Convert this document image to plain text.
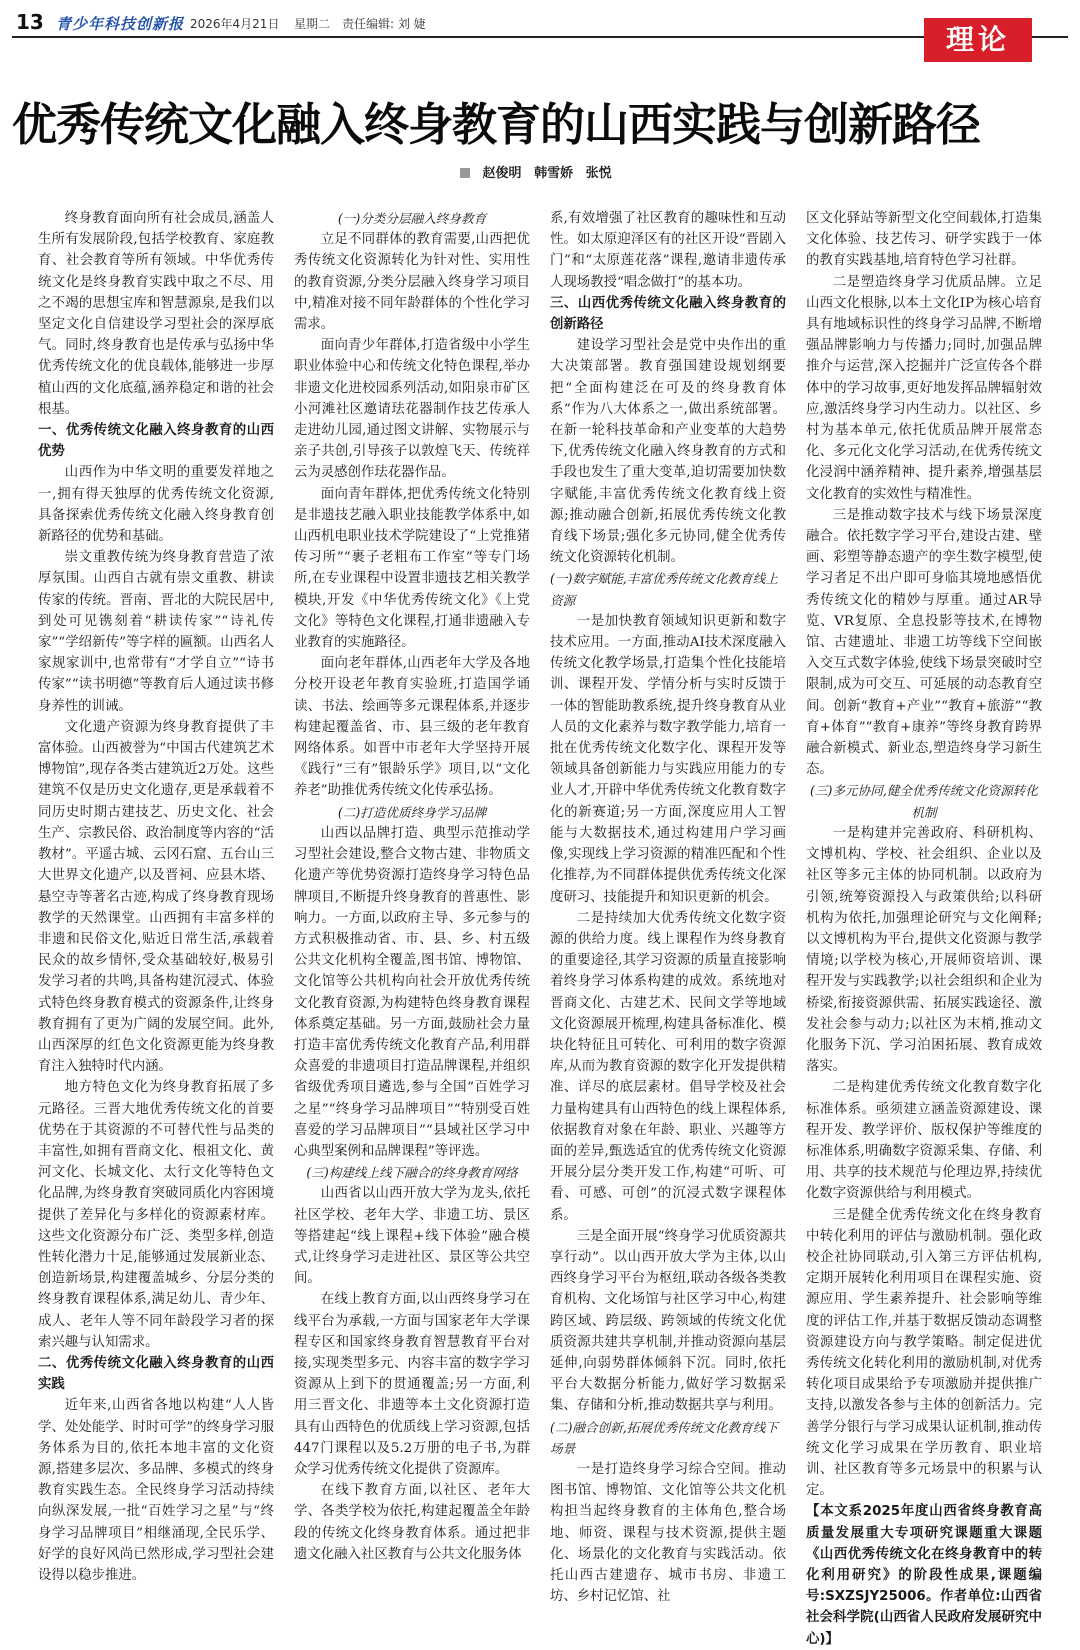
13 青少年科技创新报 2026年4月21日 星期二 责任编辑: 刘 婕	理论
优秀传统文化融入终身教育的山西实践与创新路径
赵俊明 韩雪娇 张悦

终身教育面向所有社会成员,涵盖人生所有发展阶段,包括学校教育、家庭教育、社会教育等所有领域。中华优秀传统文化是终身教育实践中取之不尽、用之不竭的思想宝库和智慧源泉,是我们以坚定文化自信建设学习型社会的深厚底气。同时,终身教育也是传承与弘扬中华优秀传统文化的优良载体,能够进一步厚植山西的文化底蕴,涵养稳定和谐的社会根基。

一、优秀传统文化融入终身教育的山西优势

山西作为中华文明的重要发祥地之一,拥有得天独厚的优秀传统文化资源,具备探索优秀传统文化融入终身教育创新路径的优势和基础。

崇文重教传统为终身教育营造了浓厚氛围。山西自古就有崇文重教、耕读传家的传统。晋南、晋北的大院民居中,到处可见镌刻着“耕读传家”“诗礼传家”“学绍新传”等字样的匾额。山西名人家规家训中,也常带有“才学自立”“诗书传家”“读书明德”等教育后人通过读书修身养性的训诫。

文化遗产资源为终身教育提供了丰富体验。山西被誉为“中国古代建筑艺术博物馆”,现存各类古建筑近2万处。这些建筑不仅是历史文化遗存,更是承载着不同历史时期古建技艺、历史文化、社会生产、宗教民俗、政治制度等内容的“活教材”。平遥古城、云冈石窟、五台山三大世界文化遗产,以及晋祠、应县木塔、悬空寺等著名古迹,构成了终身教育现场教学的天然课堂。山西拥有丰富多样的非遗和民俗文化,贴近日常生活,承载着民众的故乡情怀,受众基础较好,极易引发学习者的共鸣,具备构建沉浸式、体验式特色终身教育模式的资源条件,让终身教育拥有了更为广阔的发展空间。此外,山西深厚的红色文化资源更能为终身教育注入独特时代内涵。

地方特色文化为终身教育拓展了多元路径。三晋大地优秀传统文化的首要优势在于其资源的不可替代性与品类的丰富性,如拥有晋商文化、根祖文化、黄河文化、长城文化、太行文化等特色文化品牌,为终身教育突破同质化内容困境提供了差异化与多样化的资源素材库。这些文化资源分布广泛、类型多样,创造性转化潜力十足,能够通过发展新业态、创造新场景,构建覆盖城乡、分层分类的终身教育课程体系,满足幼儿、青少年、成人、老年人等不同年龄段学习者的探索兴趣与认知需求。

二、优秀传统文化融入终身教育的山西实践

近年来,山西省各地以构建“人人皆学、处处能学、时时可学”的终身学习服务体系为目的,依托本地丰富的文化资源,搭建多层次、多品牌、多模式的终身教育实践生态。全民终身学习活动持续向纵深发展,一批“百姓学习之星”与“终身学习品牌项目”相继涌现,全民乐学、好学的良好风尚已然形成,学习型社会建设得以稳步推进。

(一)分类分层融入终身教育

立足不同群体的教育需要,山西把优秀传统文化资源转化为针对性、实用性的教育资源,分类分层融入终身学习项目中,精准对接不同年龄群体的个性化学习需求。

面向青少年群体,打造省级中小学生职业体验中心和传统文化特色课程,举办非遗文化进校园系列活动,如阳泉市矿区小河滩社区邀请珐花器制作技艺传承人走进幼儿园,通过图文讲解、实物展示与亲子共创,引导孩子以敦煌飞天、传统祥云为灵感创作珐花器作品。

面向青年群体,把优秀传统文化特别是非遗技艺融入职业技能教学体系中,如山西机电职业技术学院建设了“上党推猪传习所”“裹子老粗布工作室”等专门场所,在专业课程中设置非遗技艺相关教学模块,开发《中华优秀传统文化》《上党文化》等特色文化课程,打通非遗融入专业教育的实施路径。

面向老年群体,山西老年大学及各地分校开设老年教育实验班,打造国学诵读、书法、绘画等多元课程体系,并逐步构建起覆盖省、市、县三级的老年教育网络体系。如晋中市老年大学坚持开展《践行“三有”银龄乐学》项目,以“文化养老”助推优秀传统文化传承弘扬。

(二)打造优质终身学习品牌

山西以品牌打造、典型示范推动学习型社会建设,整合文物古建、非物质文化遗产等优势资源打造终身学习特色品牌项目,不断提升终身教育的普惠性、影响力。一方面,以政府主导、多元参与的方式积极推动省、市、县、乡、村五级公共文化机构全覆盖,图书馆、博物馆、文化馆等公共机构向社会开放优秀传统文化教育资源,为构建特色终身教育课程体系奠定基础。另一方面,鼓励社会力量打造丰富优秀传统文化教育产品,利用群众喜爱的非遗项目打造品牌课程,并组织省级优秀项目遴选,参与全国“百姓学习之星”“终身学习品牌项目”“特别受百姓喜爱的学习品牌项目”“县域社区学习中心典型案例和品牌课程”等评选。

(三)构建线上线下融合的终身教育网络

山西省以山西开放大学为龙头,依托社区学校、老年大学、非遗工坊、景区等搭建起“线上课程+线下体验”融合模式,让终身学习走进社区、景区等公共空间。

在线上教育方面,以山西终身学习在线平台为承载,一方面与国家老年大学课程专区和国家终身教育智慧教育平台对接,实现类型多元、内容丰富的数字学习资源从上到下的贯通覆盖;另一方面,利用三晋文化、非遗等本土文化资源打造具有山西特色的优质线上学习资源,包括447门课程以及5.2万册的电子书,为群众学习优秀传统文化提供了资源库。

在线下教育方面,以社区、老年大学、各类学校为依托,构建起覆盖全年龄段的传统文化终身教育体系。通过把非遗文化融入社区教育与公共文化服务体

系,有效增强了社区教育的趣味性和互动性。如太原迎泽区有的社区开设“晋剧入门”和“太原莲花落”课程,邀请非遗传承人现场教授“唱念做打”的基本功。

三、山西优秀传统文化融入终身教育的创新路径

建设学习型社会是党中央作出的重大决策部署。教育强国建设规划纲要把“全面构建泛在可及的终身教育体系”作为八大体系之一,做出系统部署。在新一轮科技革命和产业变革的大趋势下,优秀传统文化融入终身教育的方式和手段也发生了重大变革,迫切需要加快数字赋能,丰富优秀传统文化教育线上资源;推动融合创新,拓展优秀传统文化教育线下场景;强化多元协同,健全优秀传统文化资源转化机制。

(一)数字赋能,丰富优秀传统文化教育线上资源

一是加快教育领域知识更新和数字技术应用。一方面,推动AI技术深度融入传统文化教学场景,打造集个性化技能培训、课程开发、学情分析与实时反馈于一体的智能助教系统,提升终身教育从业人员的文化素养与数字教学能力,培育一批在优秀传统文化数字化、课程开发等领域具备创新能力与实践应用能力的专业人才,开辟中华优秀传统文化教育数字化的新赛道;另一方面,深度应用人工智能与大数据技术,通过构建用户学习画像,实现线上学习资源的精准匹配和个性化推荐,为不同群体提供优秀传统文化深度研习、技能提升和知识更新的机会。

二是持续加大优秀传统文化数字资源的供给力度。线上课程作为终身教育的重要途径,其学习资源的质量直接影响着终身学习体系构建的成效。系统地对晋商文化、古建艺术、民间文学等地域文化资源展开梳理,构建具备标准化、模块化特征且可转化、可利用的数字资源库,从而为教育资源的数字化开发提供精准、详尽的底层素材。倡导学校及社会力量构建具有山西特色的线上课程体系,依据教育对象在年龄、职业、兴趣等方面的差异,甄选适宜的优秀传统文化资源开展分层分类开发工作,构建“可听、可看、可感、可创”的沉浸式数字课程体系。

三是全面开展“终身学习优质资源共享行动”。以山西开放大学为主体,以山西终身学习平台为枢纽,联动各级各类教育机构、文化场馆与社区学习中心,构建跨区域、跨层级、跨领域的传统文化优质资源共建共享机制,并推动资源向基层延伸,向弱势群体倾斜下沉。同时,依托平台大数据分析能力,做好学习数据采集、存储和分析,推动数据共享与利用。

(二)融合创新,拓展优秀传统文化教育线下场景

一是打造终身学习综合空间。推动图书馆、博物馆、文化馆等公共文化机构担当起终身教育的主体角色,整合场地、师资、课程与技术资源,提供主题化、场景化的文化教育与实践活动。依托山西古建遗存、城市书房、非遗工坊、乡村记忆馆、社

区文化驿站等新型文化空间载体,打造集文化体验、技艺传习、研学实践于一体的教育实践基地,培育特色学习社群。

二是塑造终身学习优质品牌。立足山西文化根脉,以本土文化IP为核心培育具有地域标识性的终身学习品牌,不断增强品牌影响力与传播力;同时,加强品牌推介与运营,深入挖掘并广泛宣传各个群体中的学习故事,更好地发挥品牌辐射效应,激活终身学习内生动力。以社区、乡村为基本单元,依托优质品牌开展常态化、多元化文化学习活动,在优秀传统文化浸润中涵养精神、提升素养,增强基层文化教育的实效性与精准性。

三是推动数字技术与线下场景深度融合。依托数字学习平台,建设古建、壁画、彩塑等静态遗产的孪生数字模型,使学习者足不出户即可身临其境地感悟优秀传统文化的精妙与厚重。通过AR导览、VR复原、全息投影等技术,在博物馆、古建遗址、非遗工坊等线下空间嵌入交互式数字体验,使线下场景突破时空限制,成为可交互、可延展的动态教育空间。创新“教育+产业”“教育+旅游”“教育+体育”“教育+康养”等终身教育跨界融合新模式、新业态,塑造终身学习新生态。

(三)多元协同,健全优秀传统文化资源转化机制

一是构建并完善政府、科研机构、文博机构、学校、社会组织、企业以及社区等多元主体的协同机制。以政府为引领,统筹资源投入与政策供给;以科研机构为依托,加强理论研究与文化阐释;以文博机构为平台,提供文化资源与教学情境;以学校为核心,开展师资培训、课程开发与实践教学;以社会组织和企业为桥梁,衔接资源供需、拓展实践途径、激发社会参与动力;以社区为末梢,推动文化服务下沉、学习泊困拓展、教育成效落实。

二是构建优秀传统文化教育数字化标准体系。亟须建立涵盖资源建设、课程开发、教学评价、版权保护等维度的标准体系,明确数字资源采集、存储、利用、共享的技术规范与伦理边界,持续优化数字资源供给与利用模式。

三是健全优秀传统文化在终身教育中转化利用的评估与激励机制。强化政校企社协同联动,引入第三方评估机构,定期开展转化利用项目在课程实施、资源应用、学生素养提升、社会影响等维度的评估工作,并基于数据反馈动态调整资源建设方向与教学策略。制定促进优秀传统文化转化利用的激励机制,对优秀转化项目成果给予专项激励并提供推广支持,以激发各参与主体的创新活力。完善学分银行与学习成果认证机制,推动传统文化学习成果在学历教育、职业培训、社区教育等多元场景中的积累与认定。

【本文系2025年度山西省终身教育高质量发展重大专项研究课题重大课题《山西优秀传统文化在终身教育中的转化利用研究》的阶段性成果,课题编号:SXZSJY25006。作者单位:山西省社会科学院(山西省人民政府发展研究中心)】
